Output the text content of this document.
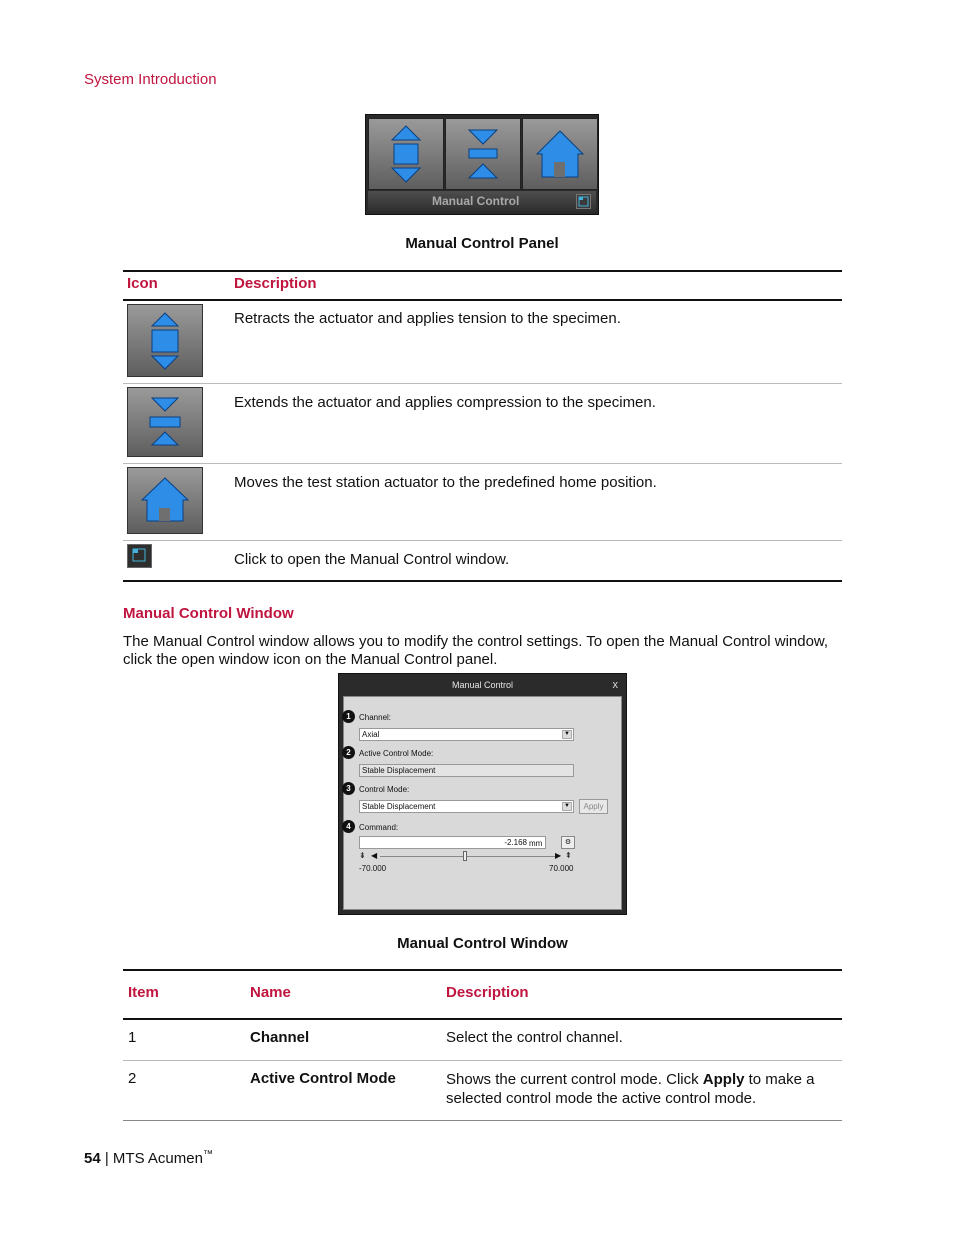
System Introduction
Manual Control
Manual Control Panel
Icon	Description
Retracts the actuator and applies tension to the specimen.
Extends the actuator and applies compression to the specimen.
Moves the test station actuator to the predefined home position.
Click to open the Manual Control window.
Manual Control Window
The Manual Control window allows you to modify the control settings. To open the Manual Control window, click the open window icon on the Manual Control panel.
Manual Control	x
1	Channel:
Axial	▼
2	Active Control Mode:
Stable Displacement
3	Control Mode:
Stable Displacement	▼	Apply
4	Command:
-2.168 mm	⚙
⇟ ◀	▶ ⇞
-70.000	70.000
Manual Control Window
Item	Name	Description
1	Channel	Select the control channel.
2	Active Control Mode	Shows the current control mode. Click Apply to make a
selected control mode the active control mode.
54 | MTS Acumen™
